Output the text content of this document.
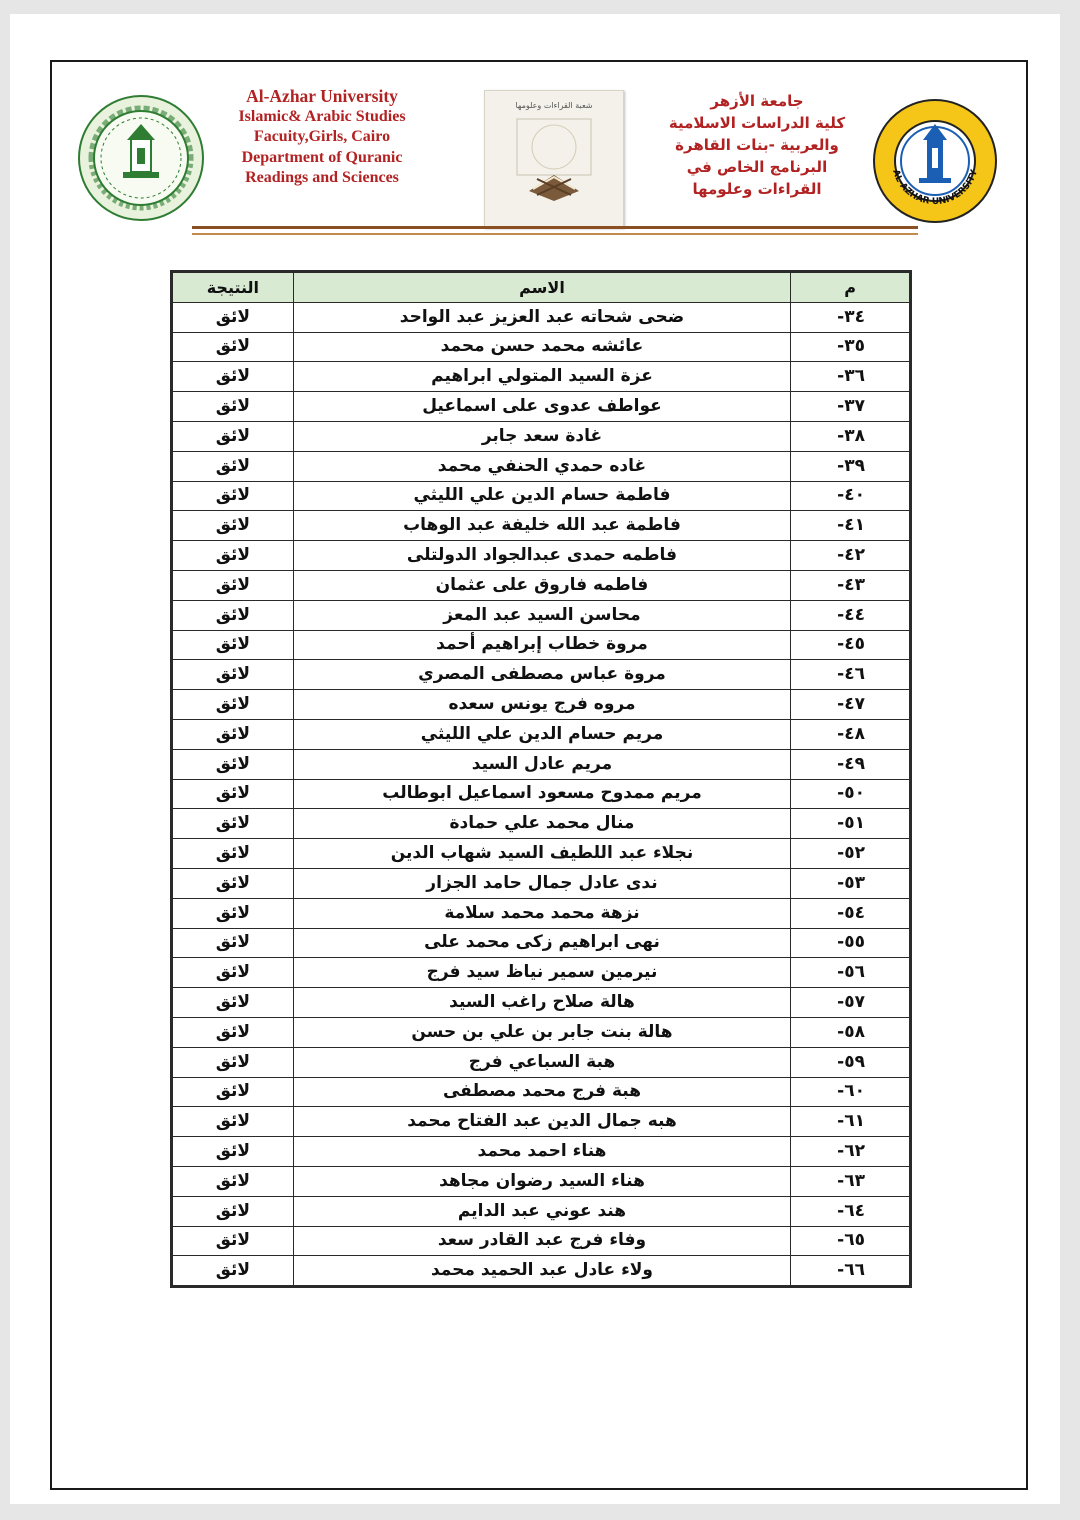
Al-Azhar University
Islamic& Arabic Studies
Facuity,Girls, Cairo
Department of Quranic
Readings and Sciences
شعبة القراءات وعلومها	جامعة الأزهر
كلية الدراسات الاسلامية
والعربية -بنات القاهرة
البرنامج الخاص في
القراءات وعلومها
AL-AZHAR UNIVERSITY
م	الاسم	النتيجة
٣٤-	ضحى شحاته عبد العزيز عبد الواحد	لائق
٣٥-	عائشه محمد حسن محمد	لائق
٣٦-	عزة السيد المتولي ابراهيم	لائق
٣٧-	عواطف عدوى على اسماعيل	لائق
٣٨-	غادة سعد جابر	لائق
٣٩-	غاده حمدي الحنفي محمد	لائق
٤٠-	فاطمة حسام الدين علي الليثي	لائق
٤١-	فاطمة عبد الله خليفة عبد الوهاب	لائق
٤٢-	فاطمه حمدى عبدالجواد الدولتلى	لائق
٤٣-	فاطمه فاروق على عثمان	لائق
٤٤-	محاسن السيد عبد المعز	لائق
٤٥-	مروة خطاب إبراهيم أحمد	لائق
٤٦-	مروة عباس مصطفى المصري	لائق
٤٧-	مروه فرج يونس سعده	لائق
٤٨-	مريم حسام الدين علي الليثي	لائق
٤٩-	مريم عادل السيد	لائق
٥٠-	مريم ممدوح مسعود اسماعيل ابوطالب	لائق
٥١-	منال محمد علي حمادة	لائق
٥٢-	نجلاء عبد اللطيف السيد شهاب الدين	لائق
٥٣-	ندى عادل جمال حامد الجزار	لائق
٥٤-	نزهة محمد محمد سلامة	لائق
٥٥-	نهى ابراهيم زكى محمد على	لائق
٥٦-	نيرمين سمير نياظ سيد فرج	لائق
٥٧-	هالة صلاح راغب السيد	لائق
٥٨-	هالة بنت جابر بن علي بن حسن	لائق
٥٩-	هبة السباعي فرج	لائق
٦٠-	هبة فرج محمد مصطفى	لائق
٦١-	هبه جمال الدين عبد الفتاح محمد	لائق
٦٢-	هناء احمد محمد	لائق
٦٣-	هناء السيد رضوان مجاهد	لائق
٦٤-	هند عوني عبد الدايم	لائق
٦٥-	وفاء فرج عبد القادر سعد	لائق
٦٦-	ولاء عادل عبد الحميد محمد	لائق
